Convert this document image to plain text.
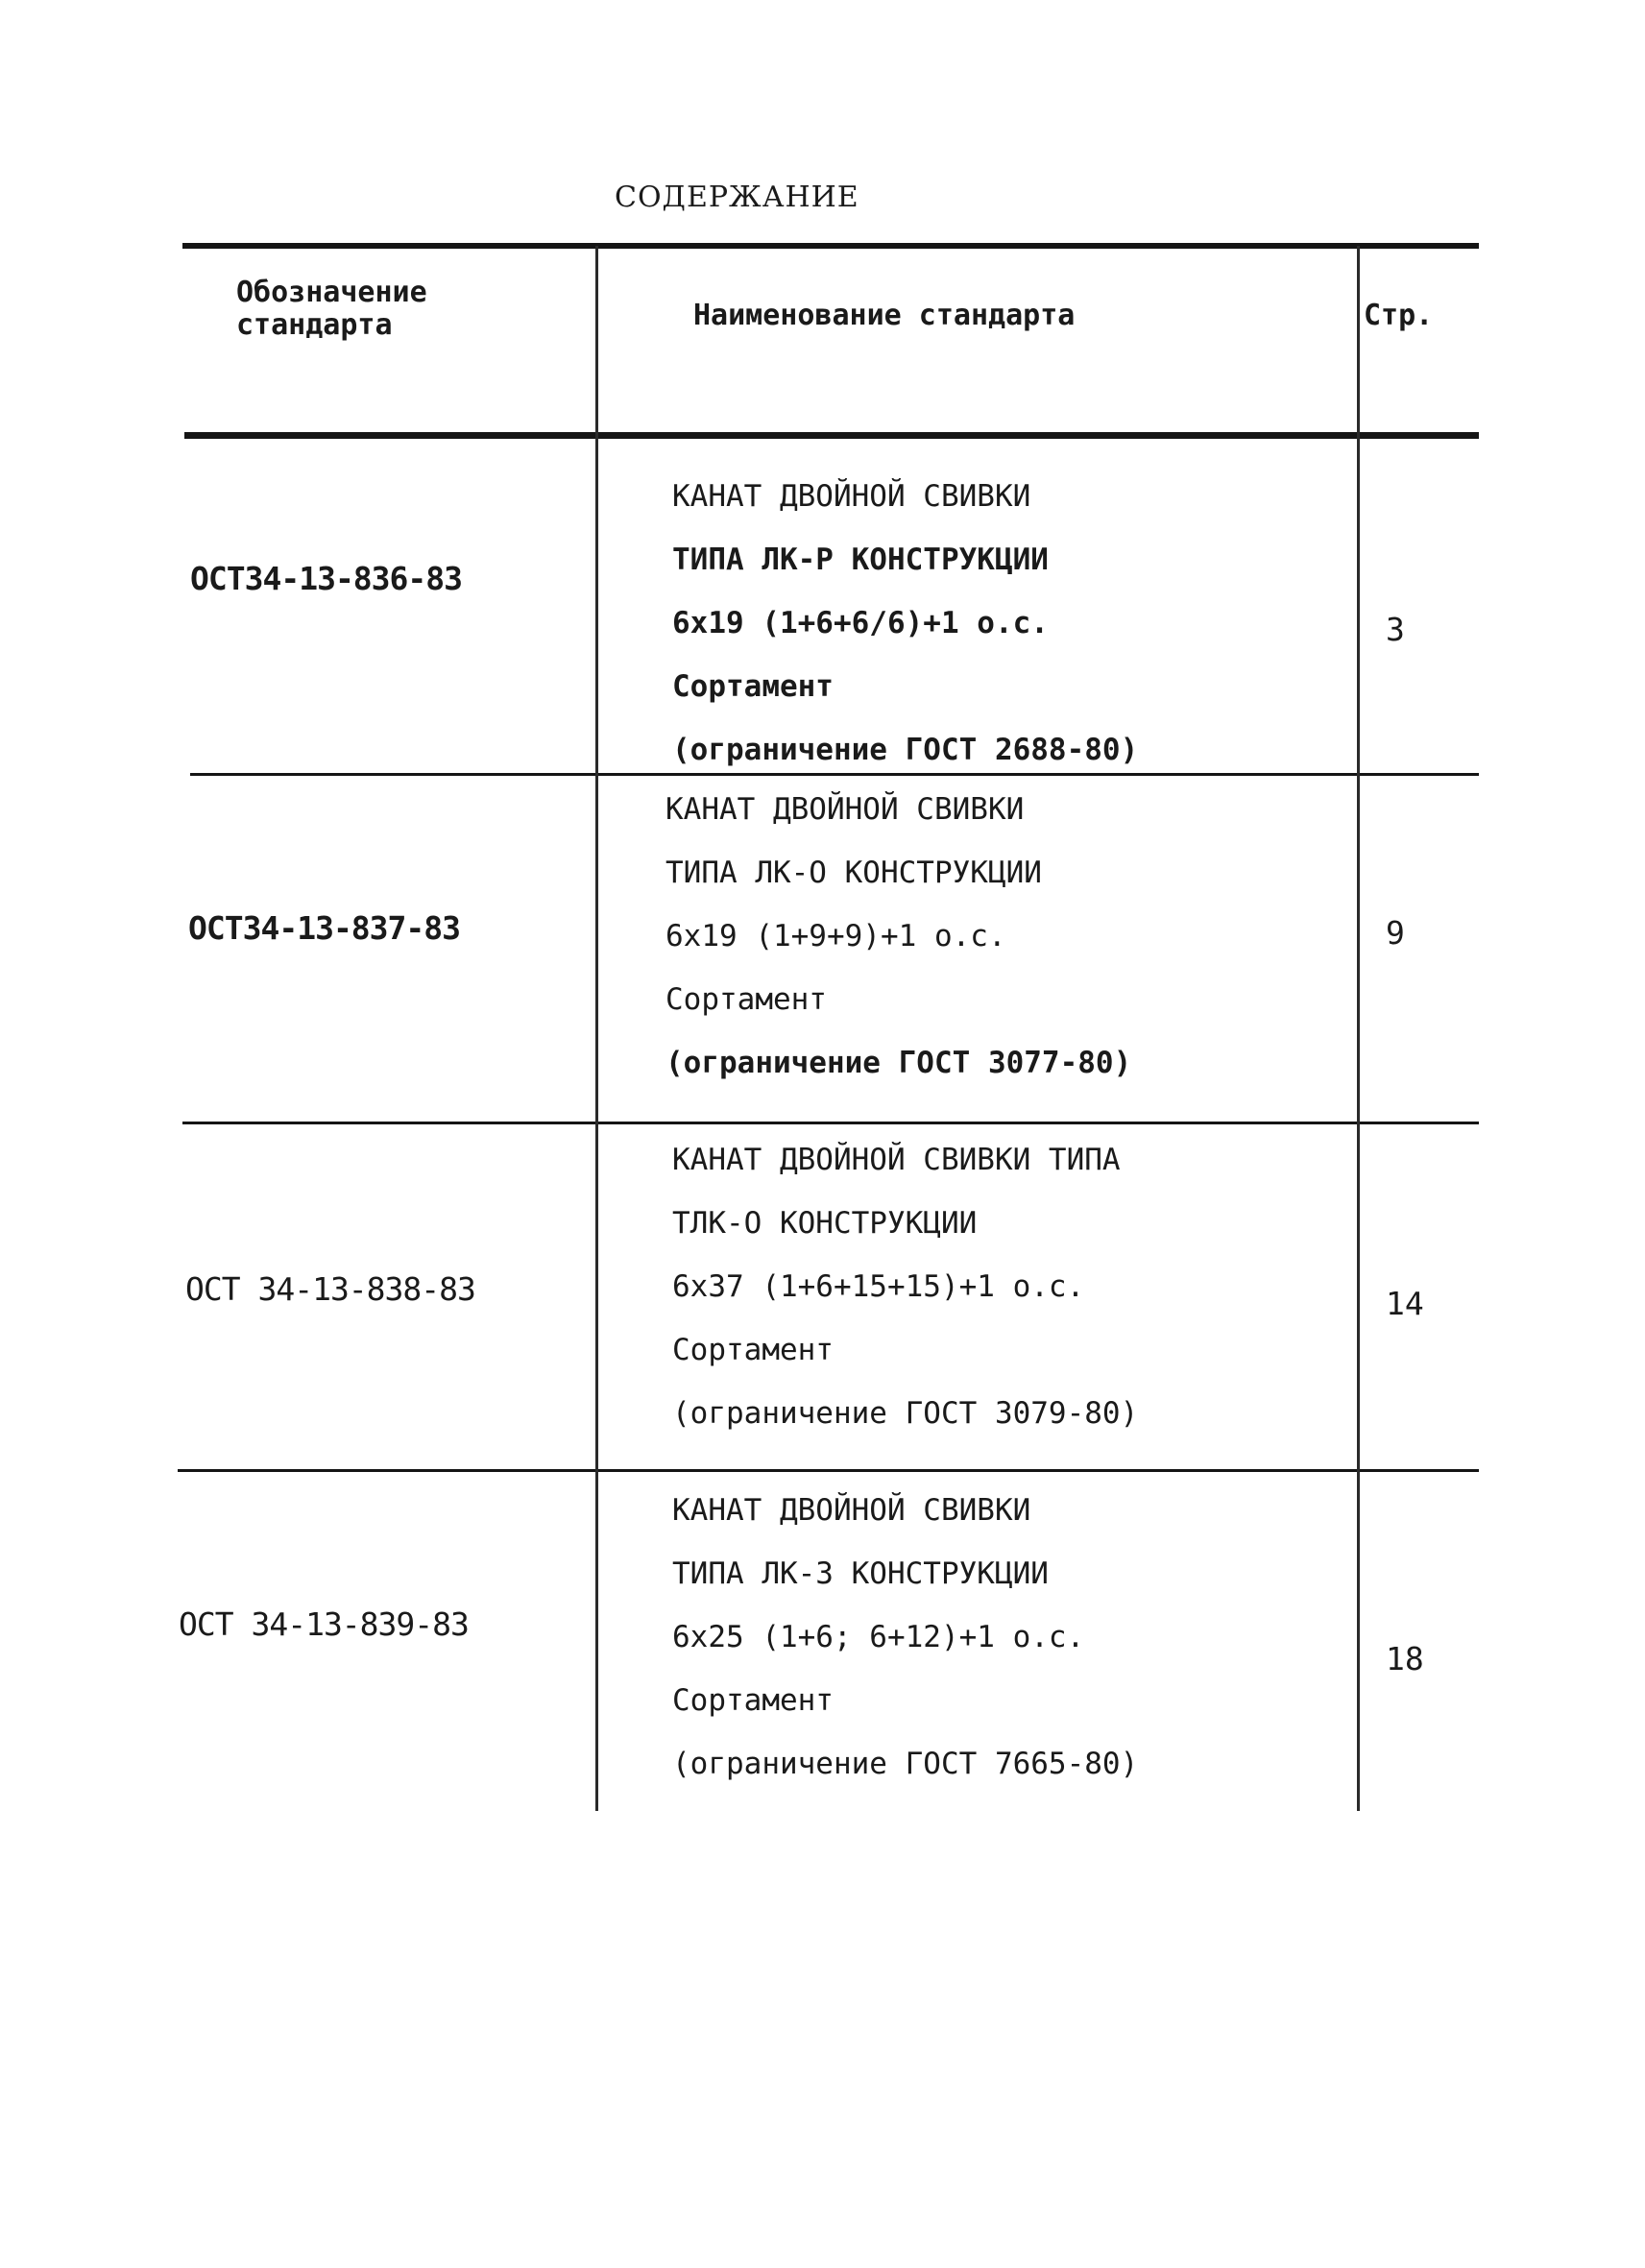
СОДЕРЖАНИЕ
Обозначение
стандарта	Наименование стандарта	Стр.
ОСТ34-13-836-83
КАНАТ ДВОЙНОЙ СВИВКИ
ТИПА ЛК-Р КОНСТРУКЦИИ
6х19 (1+6+6/6)+1 о.с.
Сортамент
(ограничение ГОСТ 2688-80)
3
ОСТ34-13-837-83
КАНАТ ДВОЙНОЙ СВИВКИ
ТИПА ЛК-О КОНСТРУКЦИИ
6х19 (1+9+9)+1 о.с.
Сортамент
(ограничение ГОСТ 3077-80)
9
ОСТ 34-13-838-83
КАНАТ ДВОЙНОЙ СВИВКИ ТИПА
ТЛК-О КОНСТРУКЦИИ
6х37 (1+6+15+15)+1 о.с.
Сортамент
(ограничение ГОСТ 3079-80)
14
ОСТ 34-13-839-83
КАНАТ ДВОЙНОЙ СВИВКИ
ТИПА ЛК-З КОНСТРУКЦИИ
6х25 (1+6; 6+12)+1 о.с.
Сортамент
(ограничение ГОСТ 7665-80)
18
